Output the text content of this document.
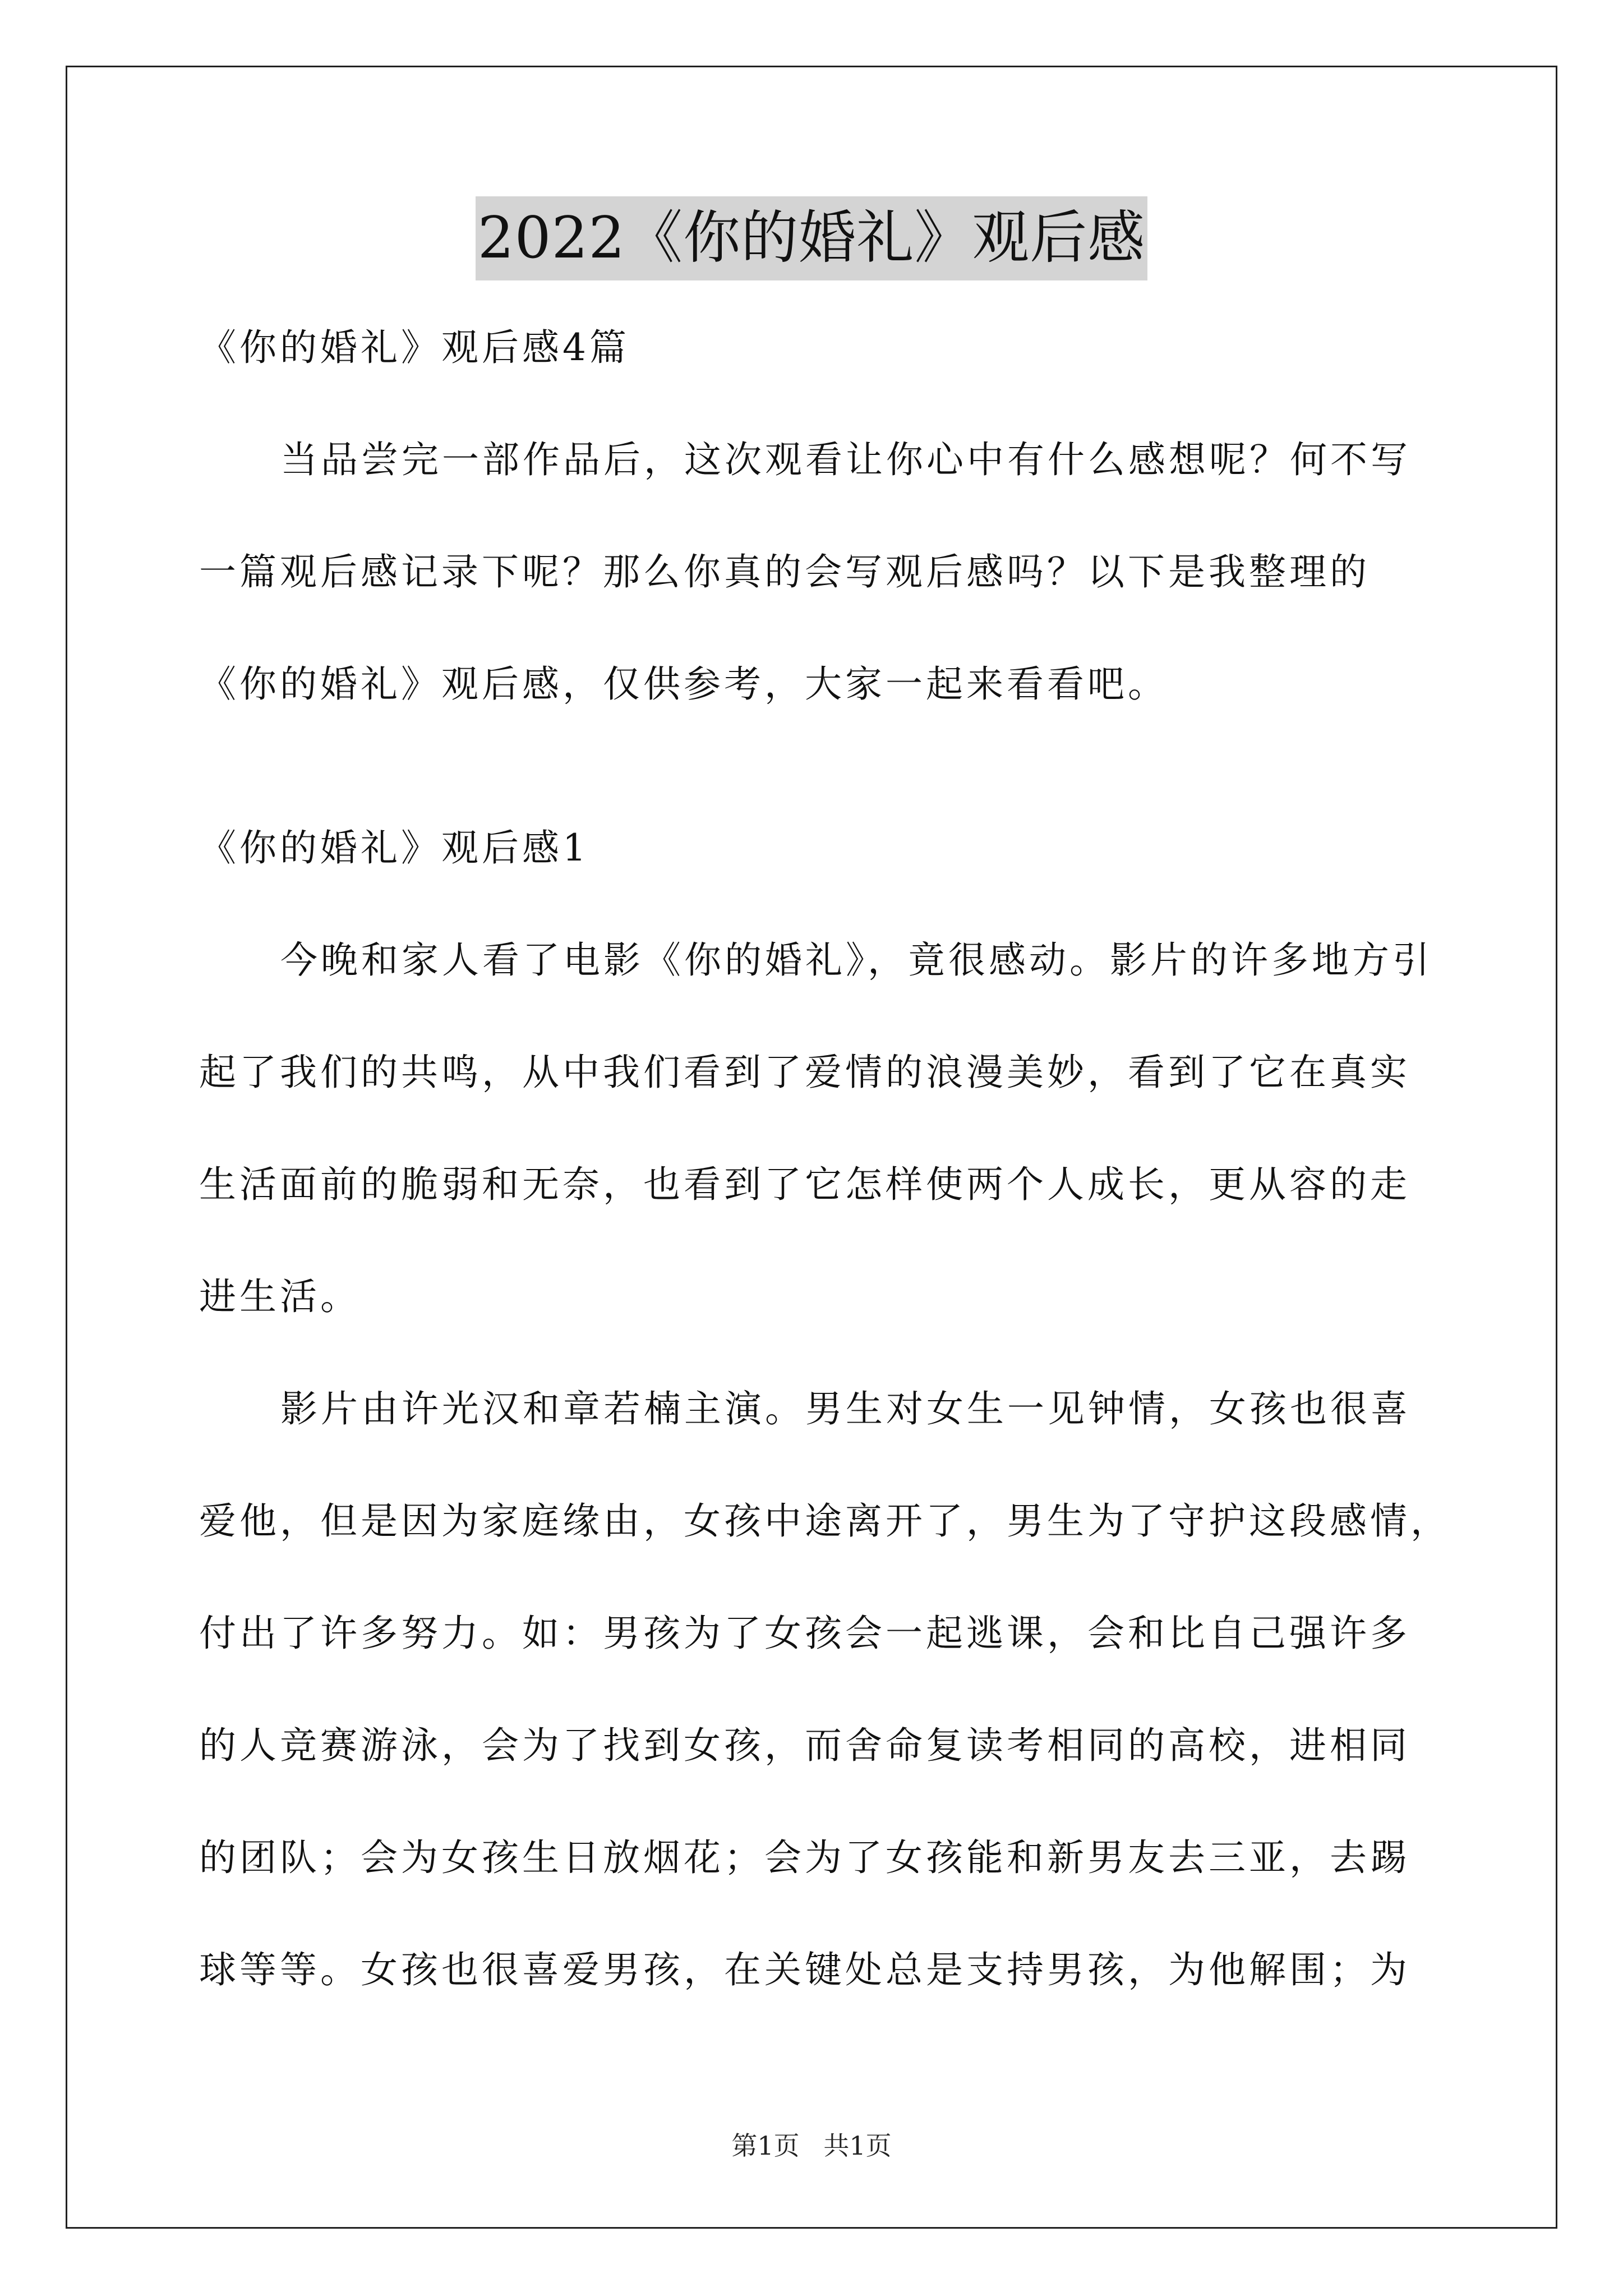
2022《你的婚礼》观后感
《你的婚礼》观后感4篇
当品尝完一部作品后，这次观看让你心中有什么感想呢？何不写
一篇观后感记录下呢？那么你真的会写观后感吗？以下是我整理的
《你的婚礼》观后感，仅供参考，大家一起来看看吧。
《你的婚礼》观后感1
今晚和家人看了电影《你的婚礼》，竟很感动。影片的许多地方引
起了我们的共鸣，从中我们看到了爱情的浪漫美妙，看到了它在真实
生活面前的脆弱和无奈，也看到了它怎样使两个人成长，更从容的走
进生活。
影片由许光汉和章若楠主演。男生对女生一见钟情，女孩也很喜
爱他，但是因为家庭缘由，女孩中途离开了，男生为了守护这段感情，
付出了许多努力。如：男孩为了女孩会一起逃课，会和比自己强许多
的人竞赛游泳，会为了找到女孩，而舍命复读考相同的高校，进相同
的团队；会为女孩生日放烟花；会为了女孩能和新男友去三亚，去踢
球等等。女孩也很喜爱男孩，在关键处总是支持男孩，为他解围；为
第1页 共1页
